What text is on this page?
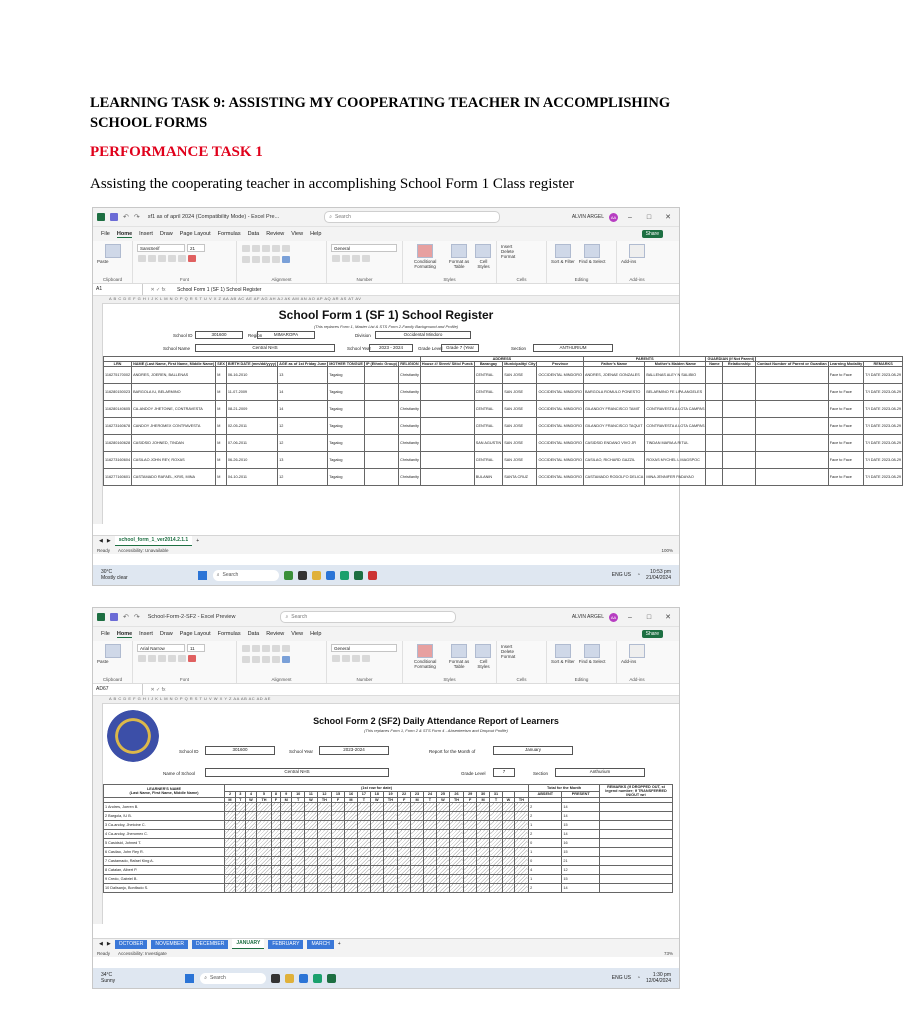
LEARNING TASK 9: ASSISTING MY COOPERATING TEACHER IN ACCOMPLISHING SCHOOL FORMS
PERFORMANCE TASK 1
Assisting the cooperating teacher in accomplishing School Form 1 Class register
↶ ↷ sf1 as of april 2024 (Compatibility Mode) - Excel Pre...	⌕ Search	ALVIN ARGEL	AA	–	□	✕
File Home Insert Draw Page Layout Formulas Data Review View Help	Share
Paste
Clipboard
SansSerif	21
Font	Alignment
General
Number
Conditional Formatting
Format as Table
Cell Styles
Styles
Insert
Delete
Format
Cells
Sort & Filter Find & Select
Editing
Add-ins
Add-ins
A1	✕ ✓ fx	School Form 1 (SF 1) School Register
A B C D E F G H I J K L M N O P Q R S T U V X Z AA AB AC AE AF AG AH AJ AK AM AN AO AP AQ AR AS AT AV
School Form 1 (SF 1) School Register
(This replaces Form 1, Master List & STS Form 2-Family Background and Profile)
School ID	301600	Region	MIMAROPA	Division	Occidental Mindoro
School Name	Central NHS	School Year	2023 - 2024	Grade Level Grade 7 (Year	Section	ANTHURIUM
								ADDRESS				PARENTS		GUARDIAN (if Not Parent)				
LRN	NAME (Last Name, First Name, Middle Name)	SEX	BIRTH DATE (mm/dd/yyyy)	AGE as of 1st Friday June	MOTHER TONGUE	IP (Ethnic Group)	RELIGION	House #/ Street/ Sitio/ Purok	Barangay	Municipality/ City	Province	Father's Name	Mother's Maiden Name	Name	Relationship	Contact Number of Parent or Guardian	Learning Modality	REMARKS
116275170002	ANDRES, JOEREN, BALLENAS	M	06-16-2010	13	Tagalog		Christianity		CENTRAL	SAN JOSE	OCCIDENTAL MINDORO	ANDRES, JOENAE GONZALES	BALLENAS ALEY N SALIBIO				Face to Face	T/I DATE 2023-08-29
116280150023	BARGOLA IU, BELARMINO	M	11-07-2009	14	Tagalog		Christianity		CENTRAL	SAN JOSE	OCCIDENTAL MINDORO	BARGOLA ROMULO PONESTO	BELARMINO FE LIPA ANGELES				Face to Face	T/I DATE 2023-08-29
116280140605	CA-ANDOY JHETOINE, CONTRAVESTA	M	08-21-2009	14	Tagalog		Christianity		CENTRAL	SAN JOSE	OCCIDENTAL MINDORO	GILANDOY FRANCISCO TAMIT	CONTRAVESTA A LOTA CAMPAS				Face to Face	T/I DATE 2023-08-29
116273160678	CANDOY JHEROMEX CONTRAVESTA	M	02-05-2011	12	Tagalog		Christianity		CENTRAL	SAN JOSE	OCCIDENTAL MINDORO	GILANDOY FRANCISCO TAQUIT	CONTRAVESTA A LOTA CAMPAS				Face to Face	T/I DATE 2023-08-29
116280160628	CASIDSID JOHNED, TINDAN	M	07-06-2011	12	Tagalog		Christianity		SAN AGUSTIN	SAN JOSE	OCCIDENTAL MINDORO	CASIDSID ENDANO VIVO JR	TINDAN MARIA A RITUL				Face to Face	T/I DATE 2023-08-29
116273160604	CASILAO JOHN REY, ROXAS	M	06-26-2010	13	Tagalog		Christianity		CENTRAL	SAN JOSE	OCCIDENTAL MINDORO	CASILAO, RICHARD GAZZIL	ROXAS MYCHEL L MAGSPOC				Face to Face	T/I DATE 2023-08-29
116277160601	CASTAMADO RAFAEL, KRIS, MINA	M	04-10-2011	12	Tagalog		Christianity		BULANIN	SANTA CRUZ	OCCIDENTAL MINDORO	CASTAMADO RODOLFO DELICA	MINA JENNIFER PADAYAO				Face to Face	T/I DATE 2023-08-29
◀ ▶	school_form_1_ver2014.2.1.1	+
Ready Accessibility: Unavailable	100%
30°C
Mostly clear	⌕ Search	ENG US ◔	10:53 pm
21/04/2024
↶ ↷ School-Form-2-SF2 - Excel Preview	⌕ Search	ALVIN ARGEL	AA	–	□	✕
File Home Insert Draw Page Layout Formulas Data Review View Help	Share
Paste
Clipboard
Arial Narrow	11
Font	Alignment
General
Number
Conditional Formatting
Format as Table
Cell Styles
Styles
Insert
Delete
Format
Cells
Sort & Filter Find & Select
Editing
Add-ins
Add-ins
AD67	✕ ✓ fx
A B C D E F G H I J K L M N O P Q R S T U V W X Y Z AA AB AC AD AE
School Form 2 (SF2) Daily Attendance Report of Learners
(This replaces Form 1, Form 2 & STS Form 4 - Absenteeism and Dropout Profile)
School ID	301600	School Year	2023-2024	Report for the Month of	January
Name of School	Central NHS	Grade Level	7	Section	Anthurium
LEARNER'S NAME
(Last Name, First Name, Middle Name)	(1st row for date)																								Total for the Month		REMARKS (If DROPPED OUT, st legend number; If TRANSFERRED IN/OUT wri
	2	3	4	5	8	9	10	11	12	15	16	17	18	19	22	23	24	25	26	29	30	31			ABSENT	PRESENT	
	M	T	W	TH	F	M	T	W	TH	F	M	T	W	TH	F	M	T	W	TH	F	M	T	W	TH			
1 Andres, Joeren B.																									2	14	
2 Bargola, IU B.																									2	14	
3 Ca-andoy, Jhetoine C.																									1	15	
4 Ca-andoy, Jheromex C.																									2	14	
5 Casidsid, Johned T.																									0	16	
6 Casilao, John Rey R.																									1	15	
7 Castamado, Rafael King A.																									0	21	
8 Catalan, Albert P.																									4	12	
9 Credo, Gabriel B.																									1	15	
10 Dalisanjo, Bonifacio S.																									2	14	
◀ ▶	OCTOBER	NOVEMBER	DECEMBER	JANUARY	FEBRUARY	MARCH	+
Ready Accessibility: Investigate	73%
34°C
Sunny	⌕ Search	ENG US ◔	1:30 pm
12/04/2024
